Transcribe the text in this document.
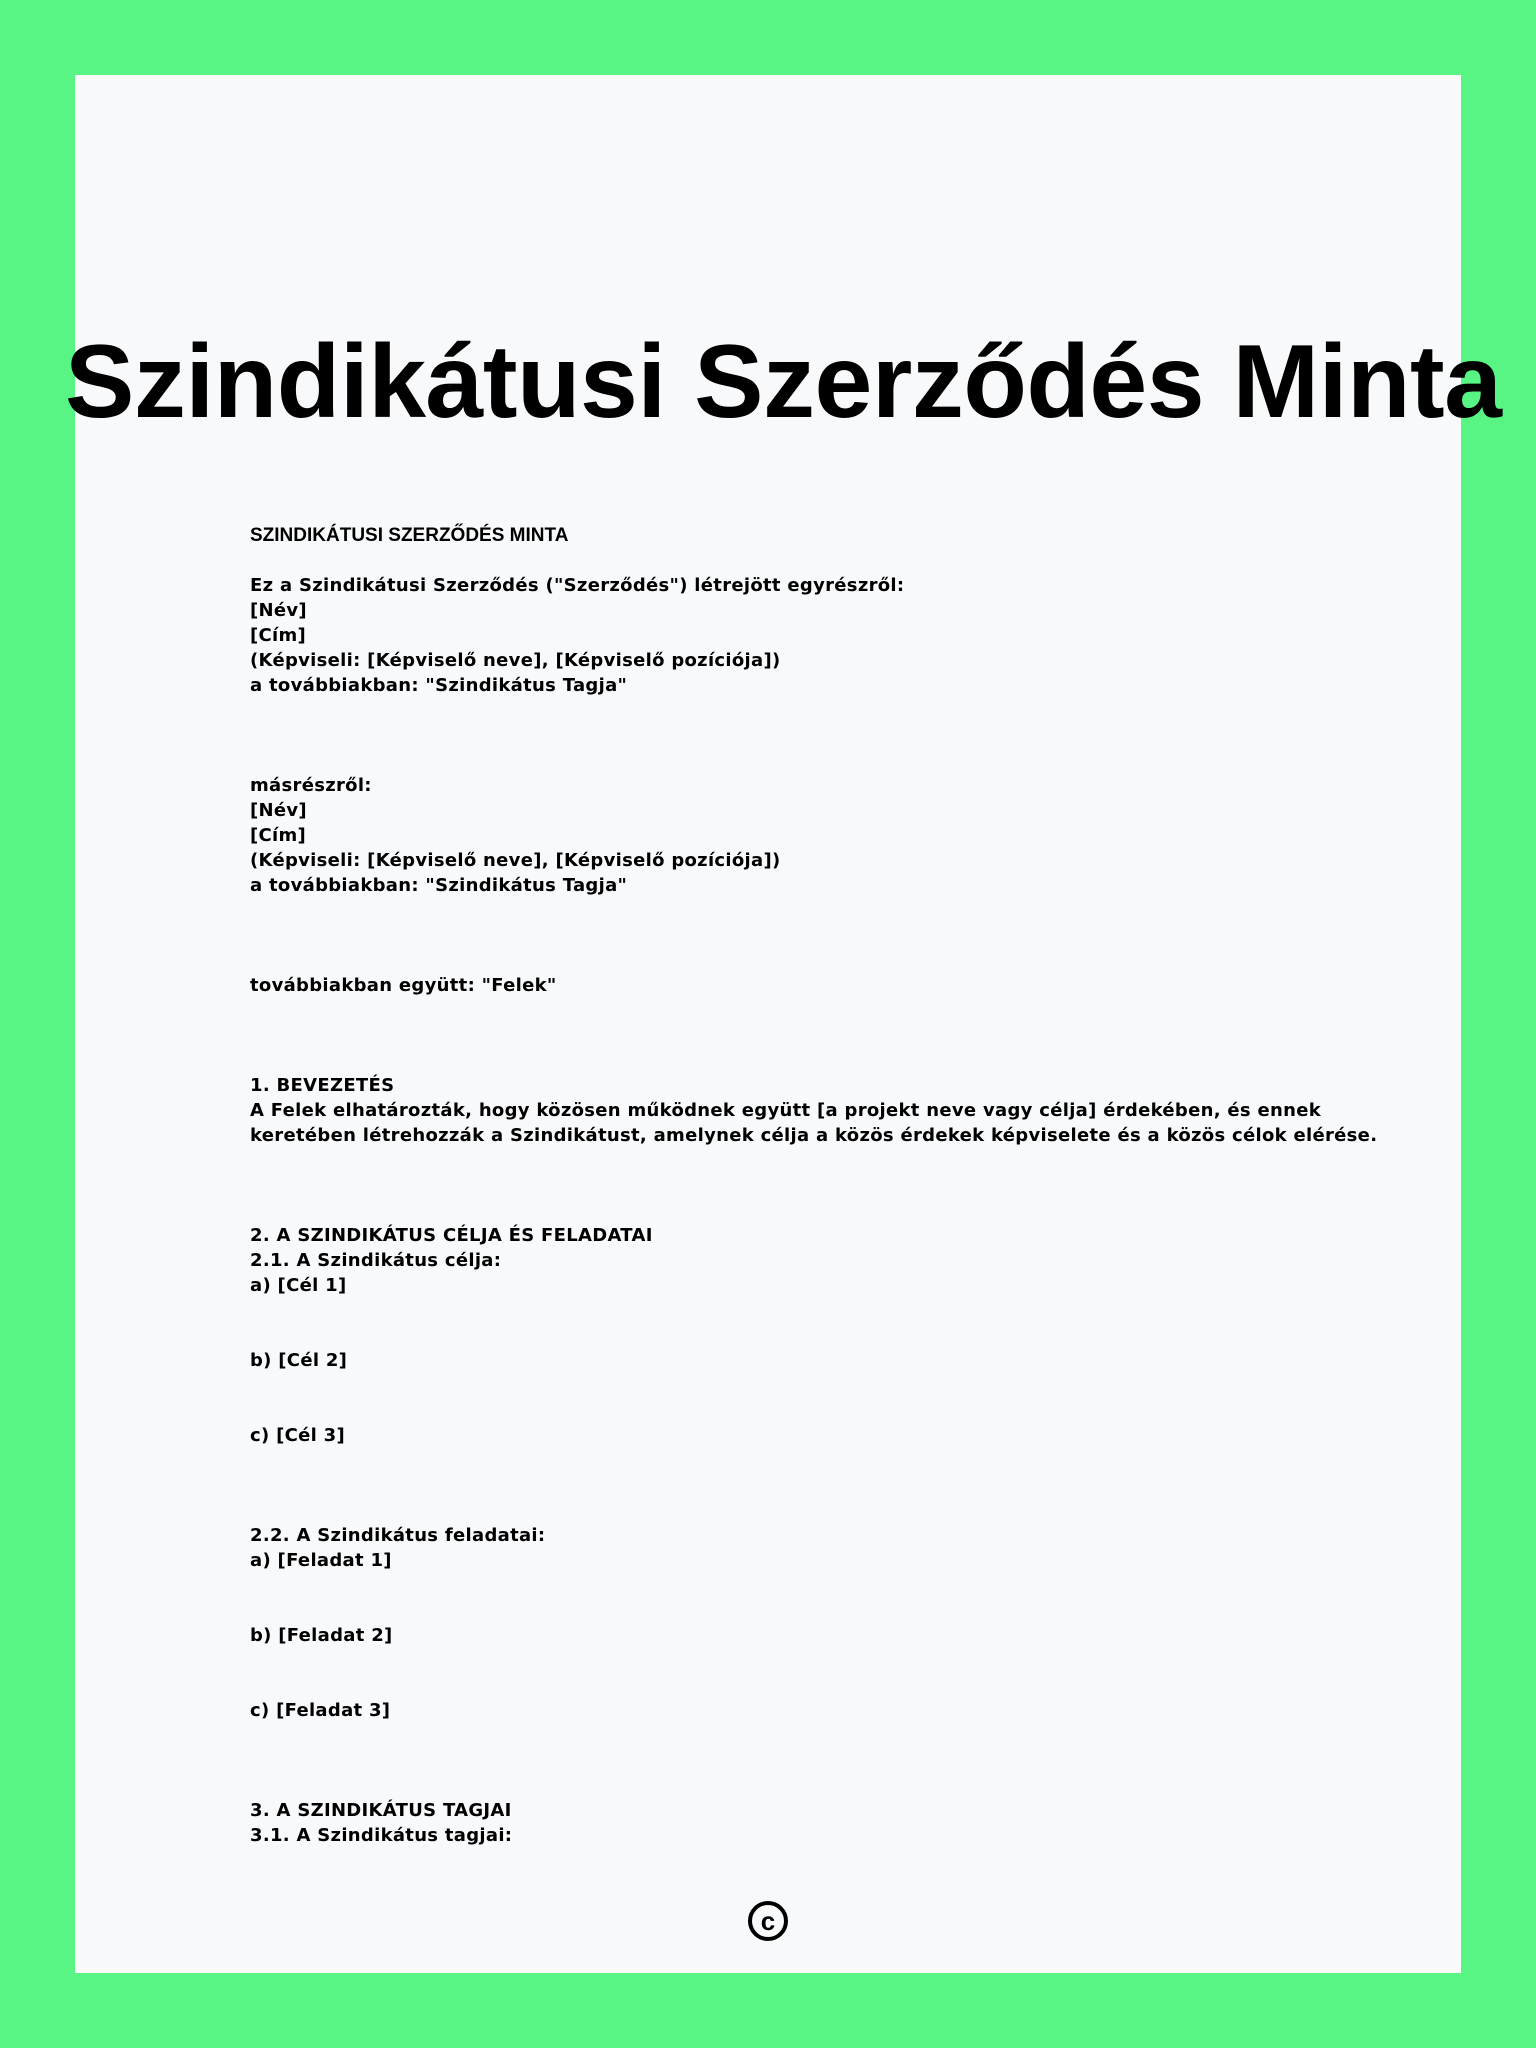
Szindikátusi Szerződés Minta
SZINDIKÁTUSI SZERZŐDÉS MINTA
Ez a Szindikátusi Szerződés ("Szerződés") létrejött egyrészről:
[Név]
[Cím]
(Képviseli: [Képviselő neve], [Képviselő pozíciója])
a továbbiakban: "Szindikátus Tagja"
másrészről:
[Név]
[Cím]
(Képviseli: [Képviselő neve], [Képviselő pozíciója])
a továbbiakban: "Szindikátus Tagja"
továbbiakban együtt: "Felek"
1. BEVEZETÉS
A Felek elhatározták, hogy közösen működnek együtt [a projekt neve vagy célja] érdekében, és ennek
keretében létrehozzák a Szindikátust, amelynek célja a közös érdekek képviselete és a közös célok elérése.
2. A SZINDIKÁTUS CÉLJA ÉS FELADATAI
2.1. A Szindikátus célja:
a) [Cél 1]
b) [Cél 2]
c) [Cél 3]
2.2. A Szindikátus feladatai:
a) [Feladat 1]
b) [Feladat 2]
c) [Feladat 3]
3. A SZINDIKÁTUS TAGJAI
3.1. A Szindikátus tagjai:
c
